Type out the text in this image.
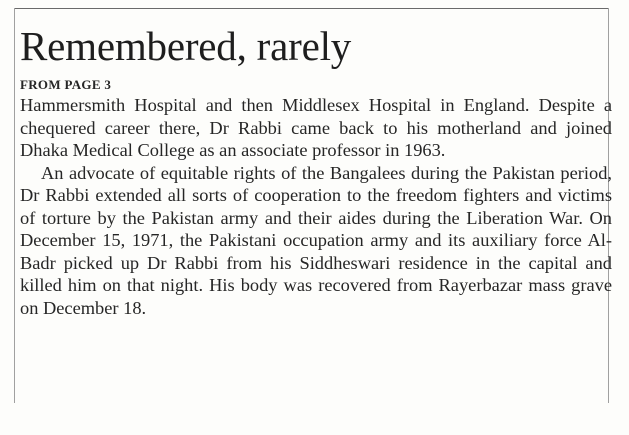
Remembered, rarely
FROM PAGE 3

Hammersmith Hospital and then Middlesex Hospital in England. Despite a chequered career there, Dr Rabbi came back to his motherland and joined Dhaka Medical College as an associate professor in 1963.

An advocate of equitable rights of the Bangalees during the Pakistan period, Dr Rabbi extended all sorts of cooperation to the freedom fighters and victims of torture by the Pakistan army and their aides during the Liberation War. On December 15, 1971, the Pakistani occupation army and its auxiliary force Al-Badr picked up Dr Rabbi from his Siddheswari residence in the capital and killed him on that night. His body was recovered from Rayerbazar mass grave on December 18.
